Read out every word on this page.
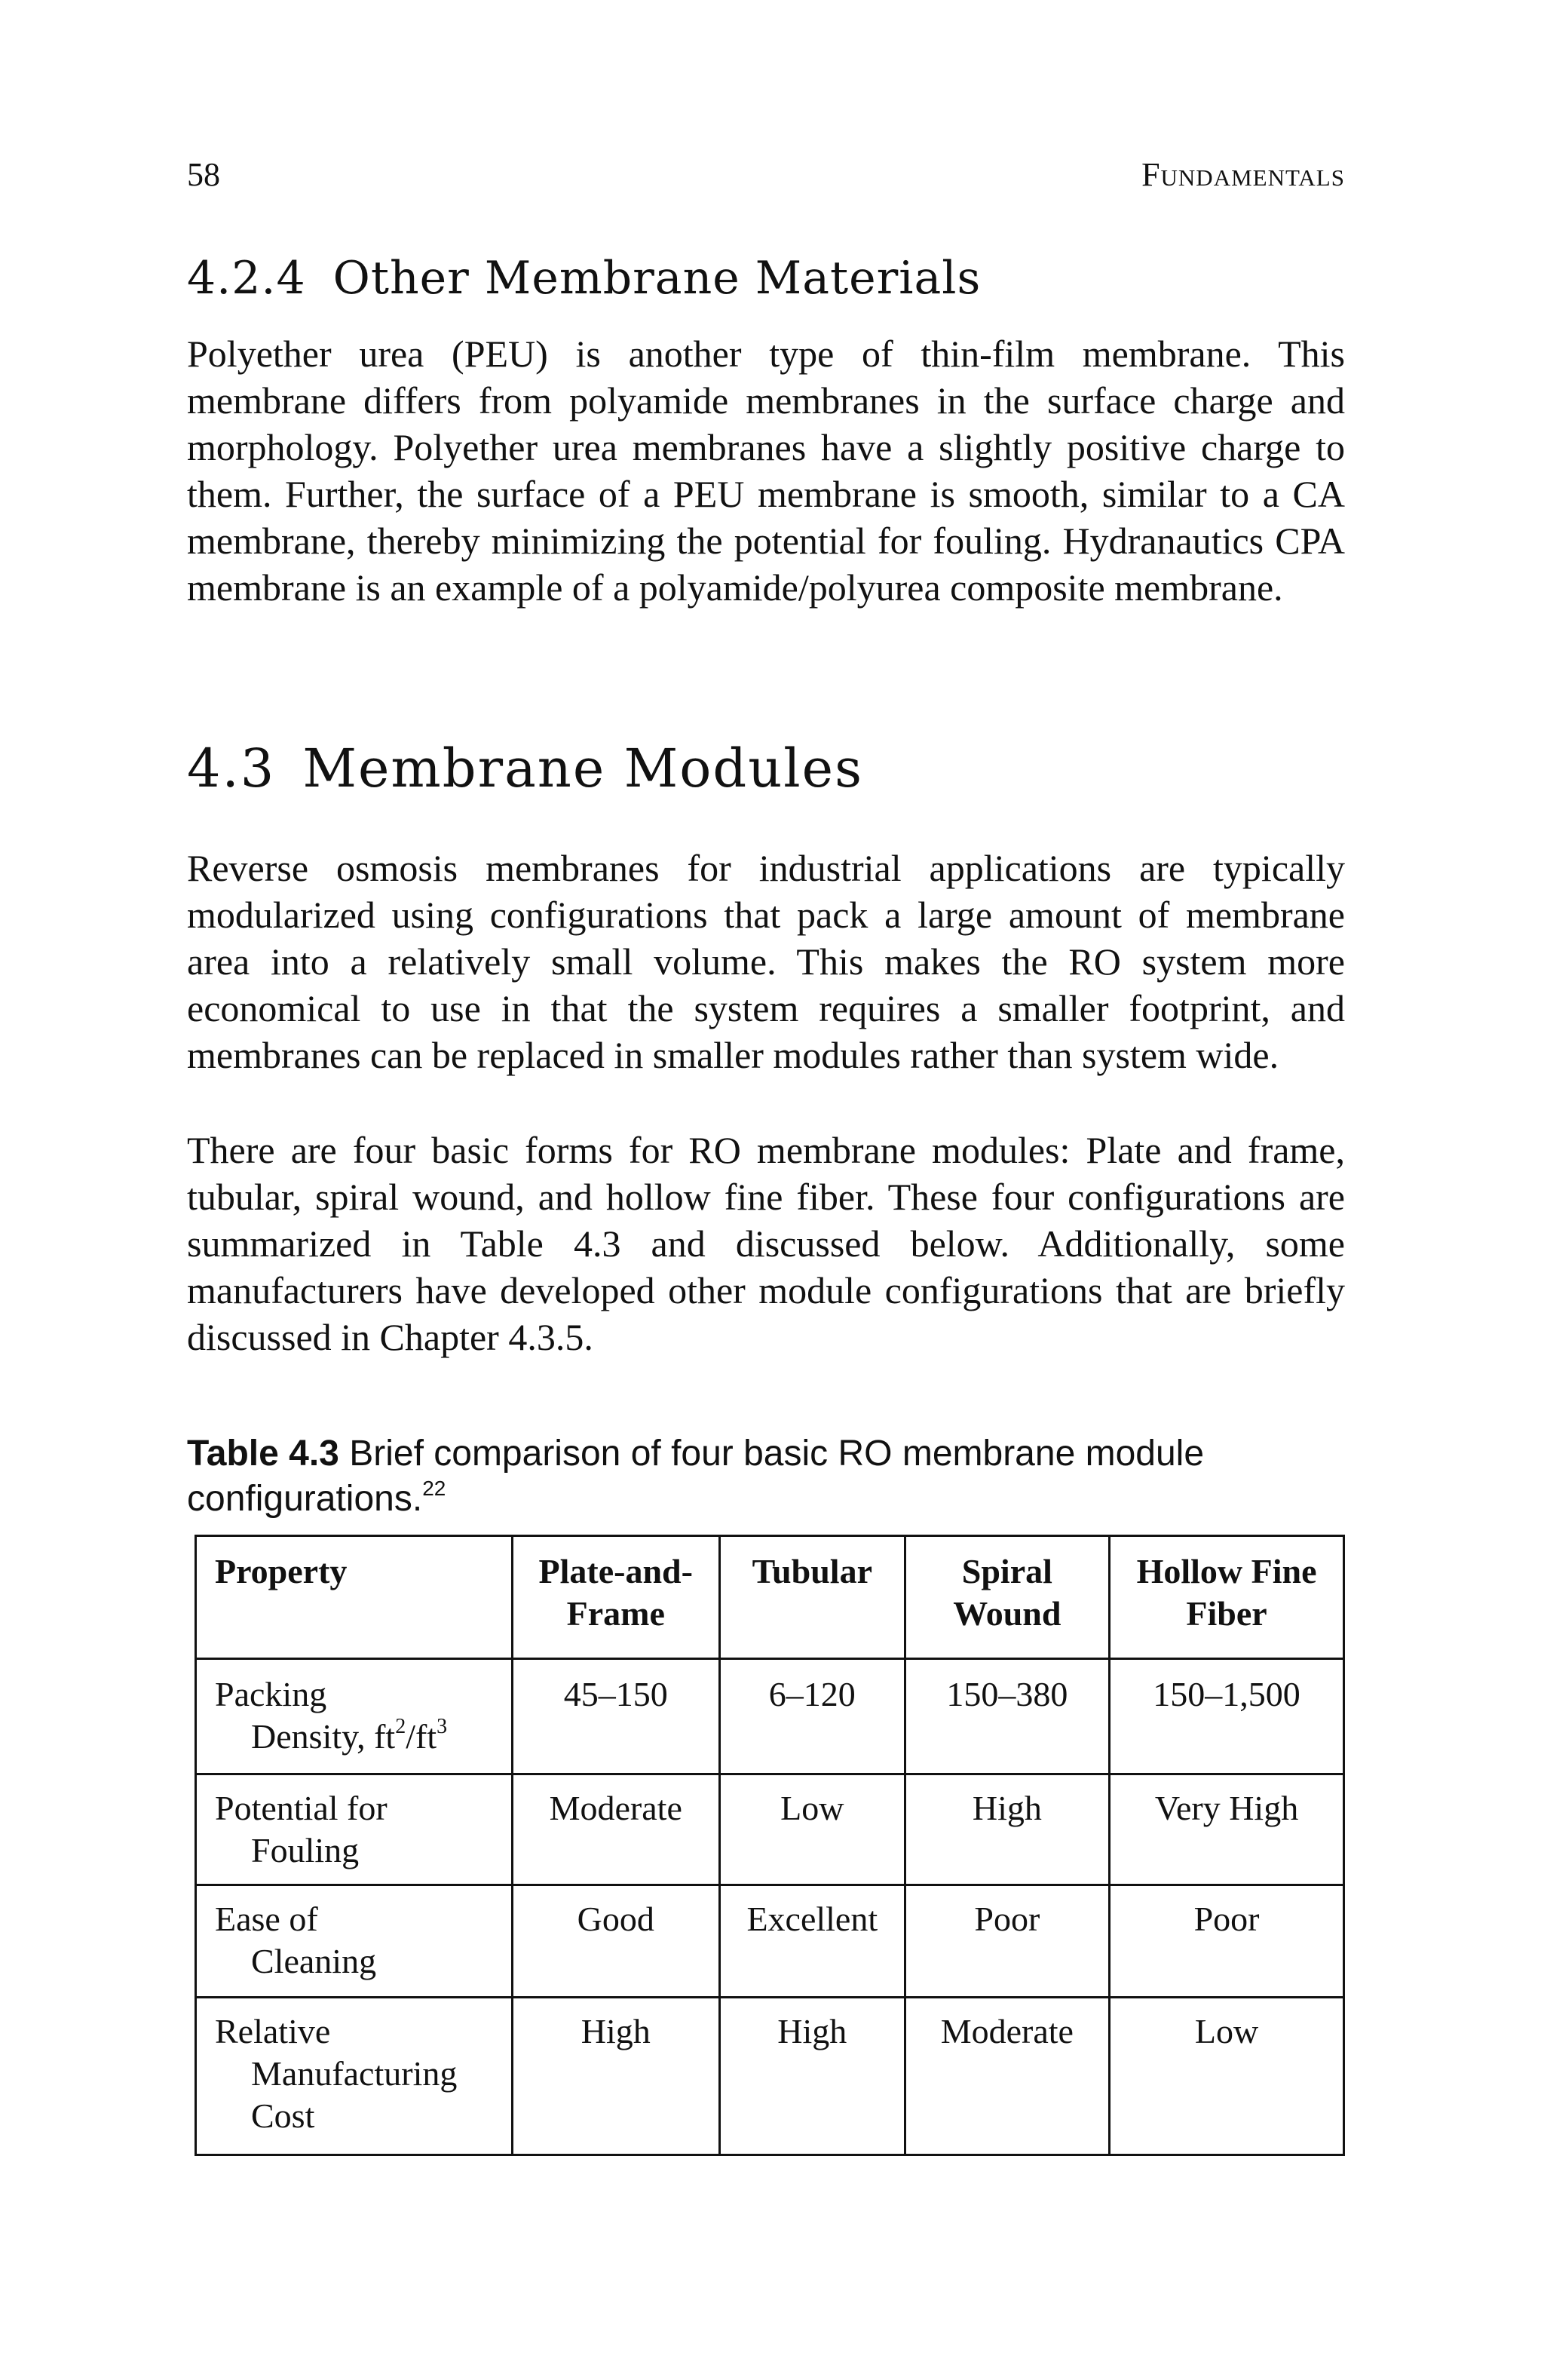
58	Fundamentals
4.2.4 Other Membrane Materials

Polyether urea (PEU) is another type of thin-film membrane. This membrane differs from polyamide membranes in the surface charge and morphology. Polyether urea membranes have a slightly positive charge to them. Further, the surface of a PEU membrane is smooth, similar to a CA membrane, thereby minimizing the potential for fouling. Hydranautics CPA membrane is an example of a polyamide/polyurea composite membrane.

4.3 Membrane Modules

Reverse osmosis membranes for industrial applications are typically modularized using configurations that pack a large amount of membrane area into a relatively small volume. This makes the RO system more economical to use in that the system requires a smaller footprint, and membranes can be replaced in smaller modules rather than system wide.

There are four basic forms for RO membrane modules: Plate and frame, tubular, spiral wound, and hollow fine fiber. These four configurations are summarized in Table 4.3 and discussed below. Additionally, some manufacturers have developed other module configurations that are briefly discussed in Chapter 4.3.5.

Table 4.3 Brief comparison of four basic RO membrane module configurations.$^{22}$

Property	Plate-and-Frame	Tubular	Spiral Wound	Hollow Fine Fiber

Packing
Density, $ft^2/ft^3$	45–150	6–120	150–380	150–1,500

Potential for
Fouling	Moderate	Low	High	Very High

Ease of
Cleaning	Good	Excellent	Poor	Poor

Relative
Manufacturing
Cost	High	High	Moderate	Low
